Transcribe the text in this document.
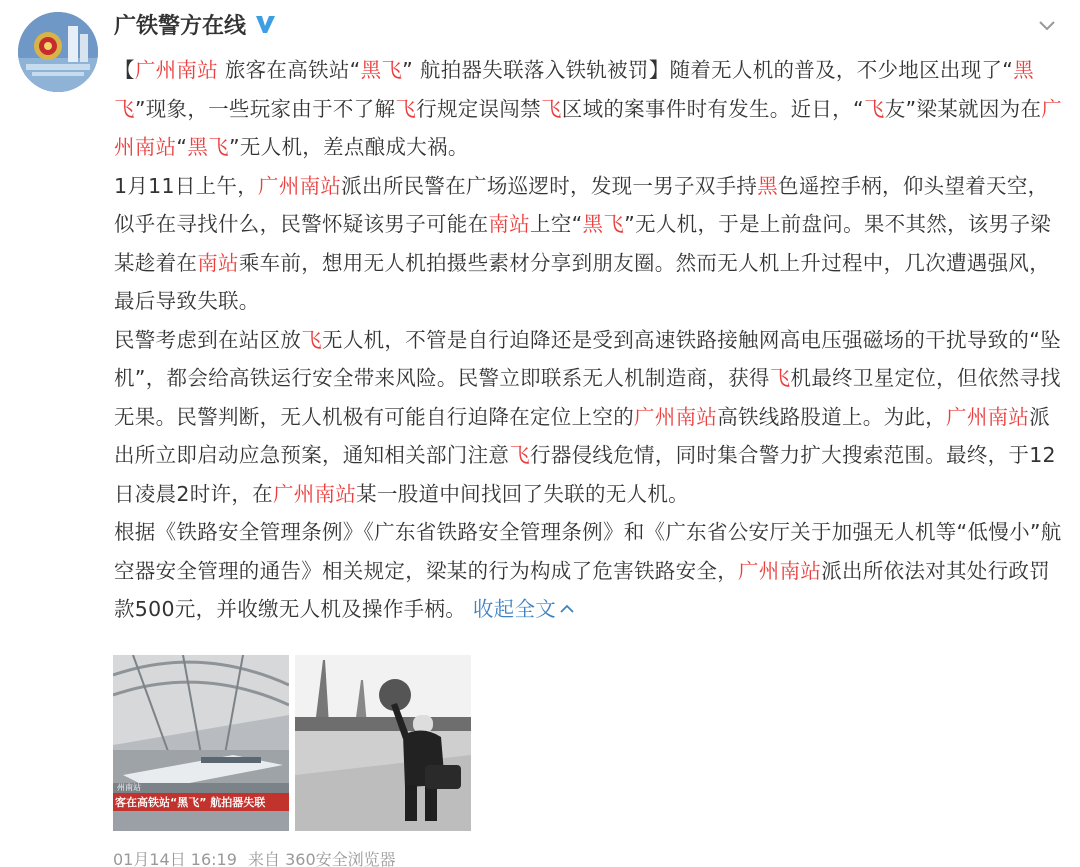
广铁警方在线

【广州南站 旅客在高铁站“黑飞” 航拍器失联落入铁轨被罚】随着无人机的普及，不少地区出现了“黑飞”现象，一些玩家由于不了解飞行规定误闯禁飞区域的案事件时有发生。近日，“飞友”梁某就因为在广州南站“黑飞”无人机，差点酿成大祸。

1月11日上午，广州南站派出所民警在广场巡逻时，发现一男子双手持黑色遥控手柄，仰头望着天空，似乎在寻找什么，民警怀疑该男子可能在南站上空“黑飞”无人机，于是上前盘问。果不其然，该男子梁某趁着在南站乘车前，想用无人机拍摄些素材分享到朋友圈。然而无人机上升过程中，几次遭遇强风，最后导致失联。

民警考虑到在站区放飞无人机，不管是自行迫降还是受到高速铁路接触网高电压强磁场的干扰导致的“坠机”，都会给高铁运行安全带来风险。民警立即联系无人机制造商，获得飞机最终卫星定位，但依然寻找无果。民警判断，无人机极有可能自行迫降在定位上空的广州南站高铁线路股道上。为此，广州南站派出所立即启动应急预案，通知相关部门注意飞行器侵线危情，同时集合警力扩大搜索范围。最终，于12日凌晨2时许，在广州南站某一股道中间找回了失联的无人机。

根据《铁路安全管理条例》《广东省铁路安全管理条例》和《广东省公安厅关于加强无人机等“低慢小”航空器安全管理的通告》相关规定，梁某的行为构成了危害铁路安全，广州南站派出所依法对其处行政罚款500元，并收缴无人机及操作手柄。 收起全文

州南站
客在高铁站“黑飞” 航拍器失联
01月14日 16:19 来自 360安全浏览器
